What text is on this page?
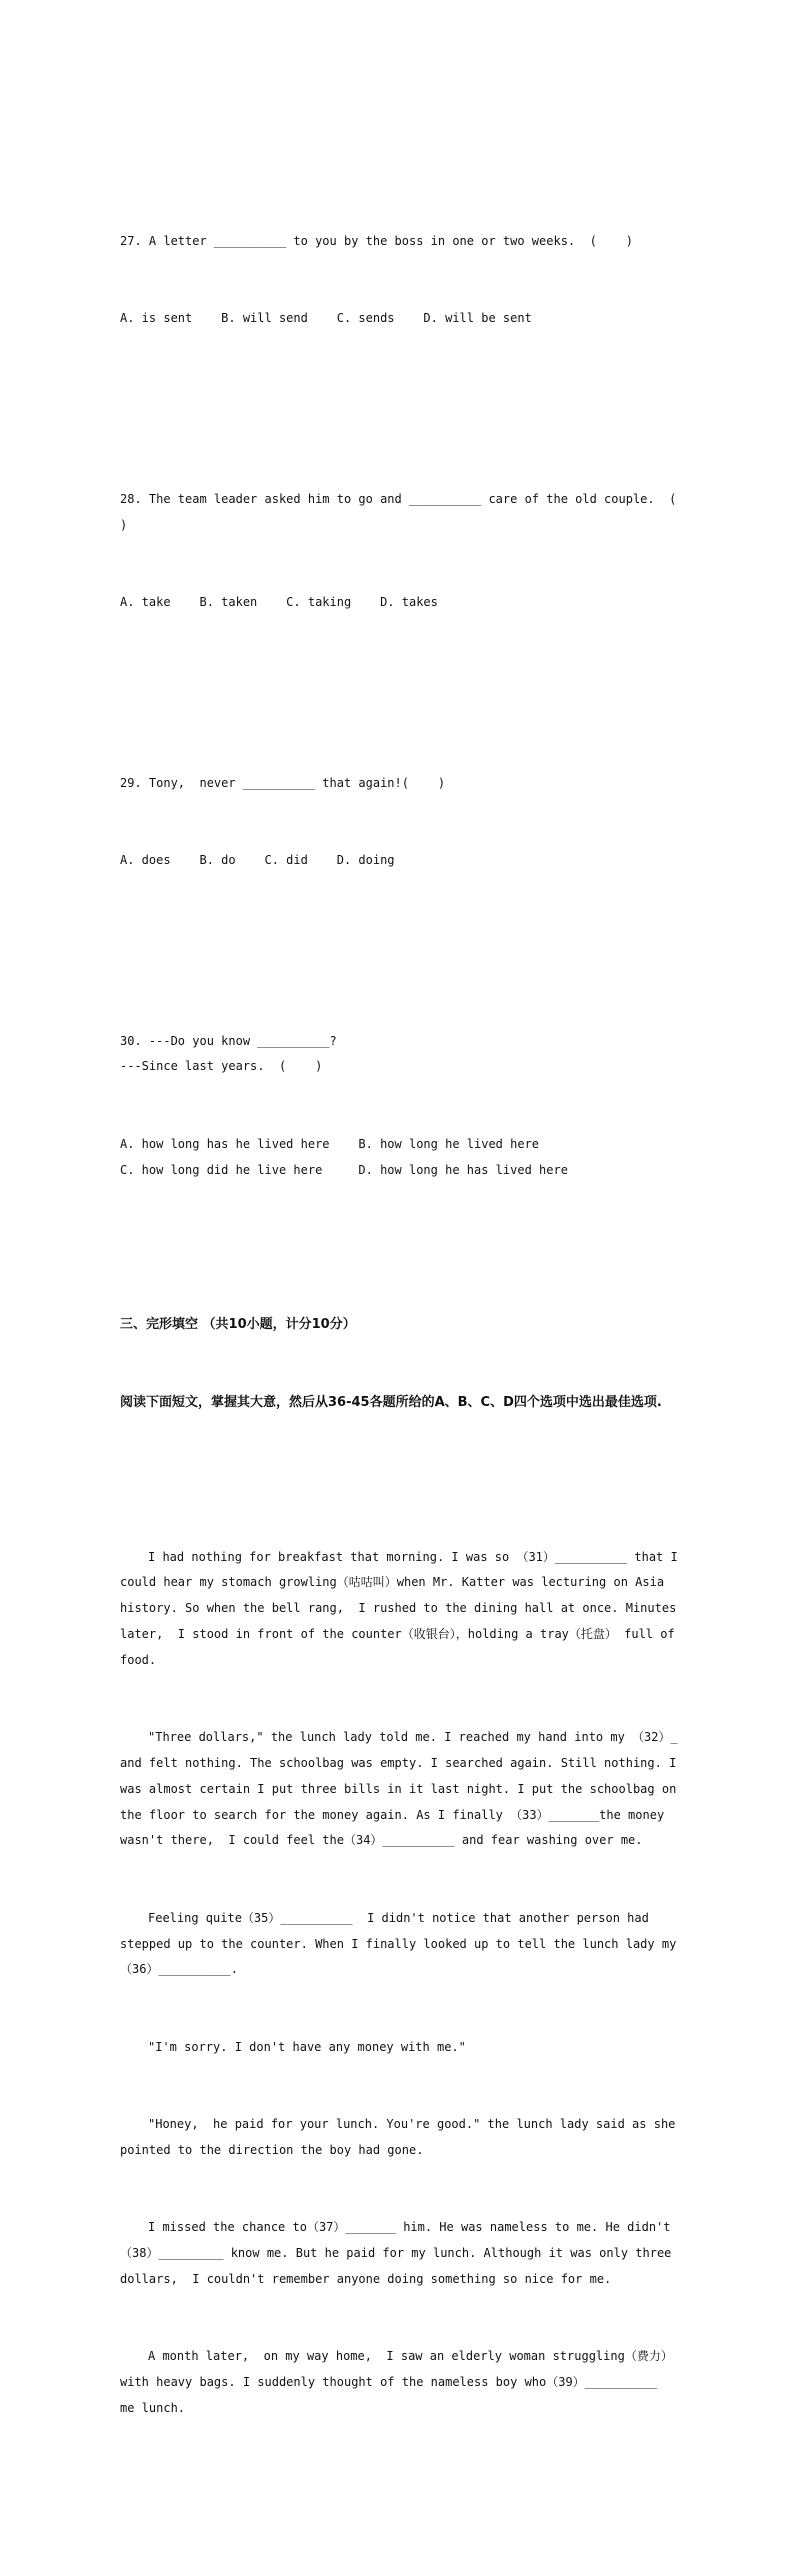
27. A letter __________ to you by the boss in one or two weeks.  (    )

A. is sent    B. will send    C. sends    D. will be sent

28. The team leader asked him to go and __________ care of the old couple.  (
)

A. take    B. taken    C. taking    D. takes

29. Tony,  never __________ that again!(    )

A. does    B. do    C. did    D. doing

30. ---Do you know __________?
---Since last years.  (    )

A. how long has he lived here    B. how long he lived here
C. how long did he live here     D. how long he has lived here

三、完形填空 （共10小题，计分10分）

阅读下面短文，掌握其大意，然后从36-45各题所给的A、B、C、D四个选项中选出最佳选项.

I had nothing for breakfast that morning. I was so （31）__________ that I could hear my stomach growling（咕咕叫）when Mr. Katter was lecturing on Asia history. So when the bell rang,  I rushed to the dining hall at once. Minutes later,  I stood in front of the counter（收银台），holding a tray（托盘） full of food.

"Three dollars," the lunch lady told me. I reached my hand into my （32）_ and felt nothing. The schoolbag was empty. I searched again. Still nothing. I was almost certain I put three bills in it last night. I put the schoolbag on the floor to search for the money again. As I finally （33）_______the money wasn't there,  I could feel the（34）__________ and fear washing over me.

Feeling quite（35）__________  I didn't notice that another person had stepped up to the counter. When I finally looked up to tell the lunch lady my （36）__________.

"I'm sorry. I don't have any money with me."

"Honey,  he paid for your lunch. You're good." the lunch lady said as she pointed to the direction the boy had gone.

I missed the chance to（37）_______ him. He was nameless to me. He didn't （38）_________ know me. But he paid for my lunch. Although it was only three dollars,  I couldn't remember anyone doing something so nice for me.

A month later,  on my way home,  I saw an elderly woman struggling（费力） with heavy bags. I suddenly thought of the nameless boy who（39）__________  me lunch.
